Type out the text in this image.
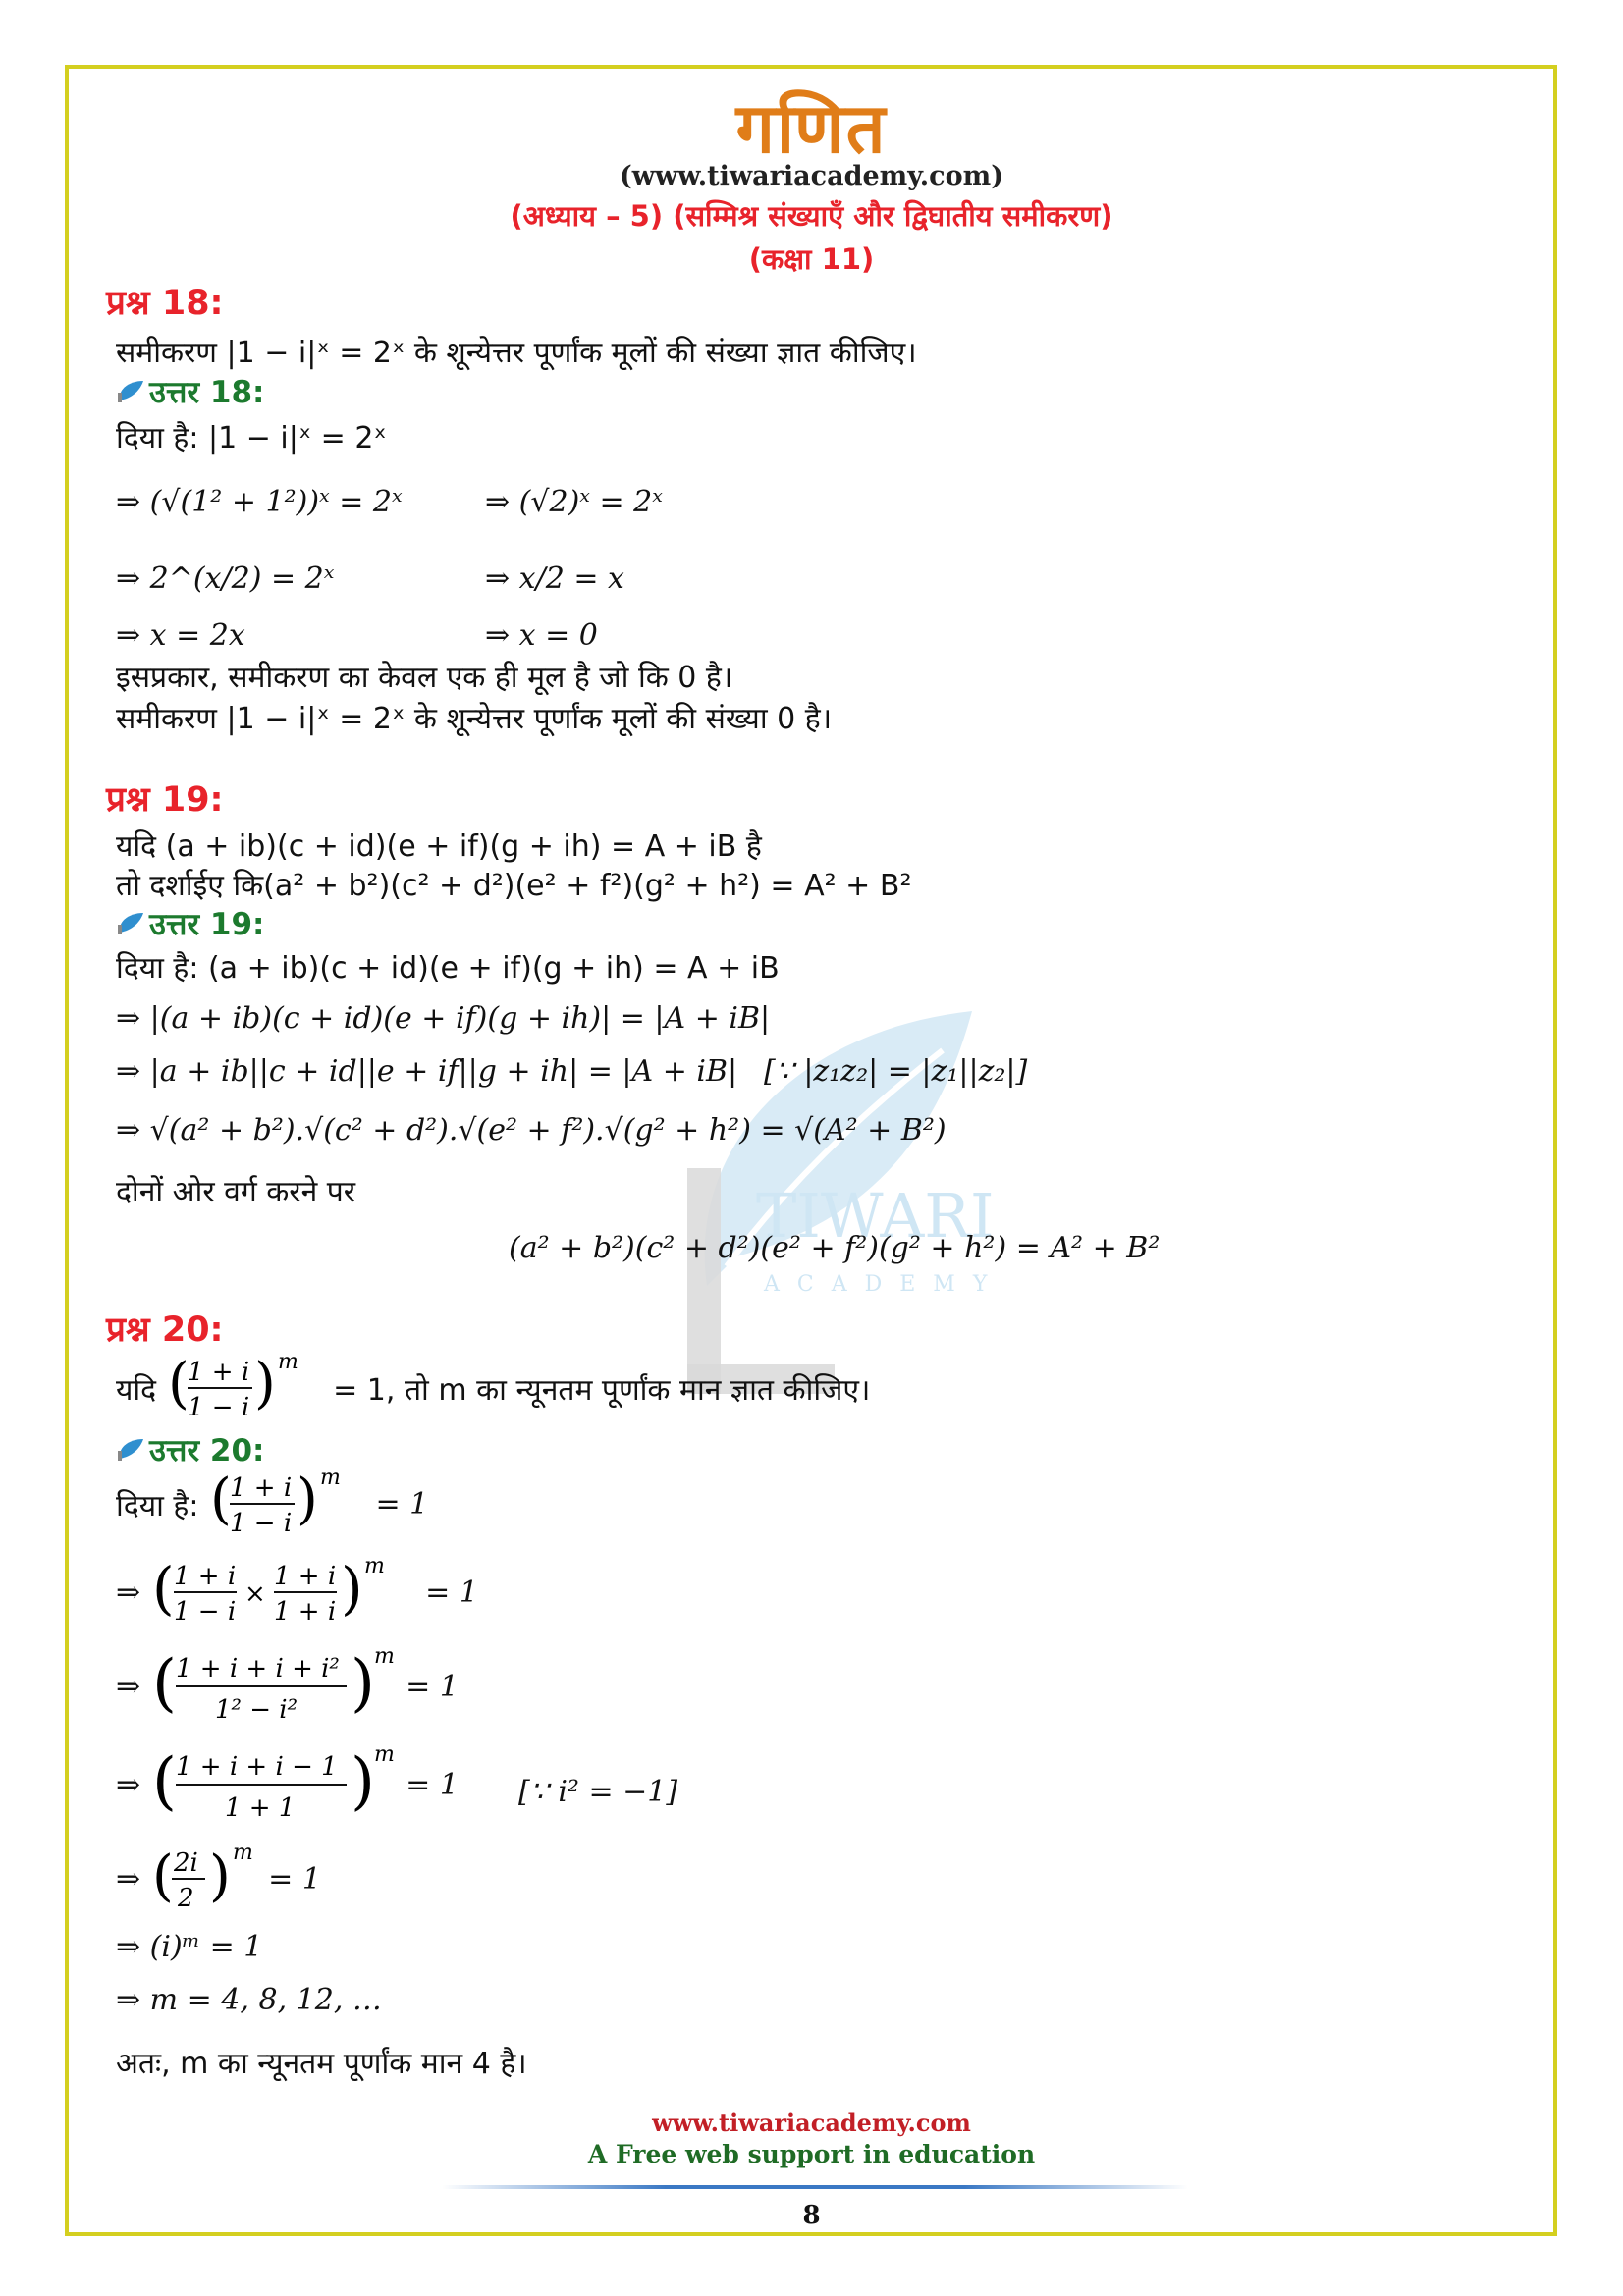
TIWARI
ACADEMY
गणित
(www.tiwariacademy.com)
(अध्याय – 5) (सम्मिश्र संख्याएँ और द्विघातीय समीकरण)
(कक्षा 11)
प्रश्न 18:
समीकरण |1 − i|ˣ = 2ˣ के शून्येत्तर पूर्णांक मूलों की संख्या ज्ञात कीजिए।
उत्तर 18:
दिया है: |1 − i|ˣ = 2ˣ
⇒ (√(1² + 1²))ˣ = 2ˣ	⇒ (√2)ˣ = 2ˣ
⇒ 2^(x/2) = 2ˣ	⇒ x/2 = x
⇒ x = 2x	⇒ x = 0
इसप्रकार, समीकरण का केवल एक ही मूल है जो कि 0 है।
समीकरण |1 − i|ˣ = 2ˣ के शून्येत्तर पूर्णांक मूलों की संख्या 0 है।
प्रश्न 19:
यदि (a + ib)(c + id)(e + if)(g + ih) = A + iB है
तो दर्शाईए कि(a² + b²)(c² + d²)(e² + f²)(g² + h²) = A² + B²
उत्तर 19:
दिया है: (a + ib)(c + id)(e + if)(g + ih) = A + iB
⇒ |(a + ib)(c + id)(e + if)(g + ih)| = |A + iB|
⇒ |a + ib||c + id||e + if||g + ih| = |A + iB| [∵ |z₁z₂| = |z₁||z₂|]
⇒ √(a² + b²).√(c² + d²).√(e² + f²).√(g² + h²) = √(A² + B²)
दोनों ओर वर्ग करने पर
(a² + b²)(c² + d²)(e² + f²)(g² + h²) = A² + B²
प्रश्न 20:
यदि (
1 + i
1 − i ) m
= 1, तो m का न्यूनतम पूर्णांक मान ज्ञात कीजिए।
उत्तर 20:
दिया है: (
1 + i
1 − i ) m
= 1
⇒ ( 1 + i
1 − i
×
1 + i
1 + i ) m
= 1
⇒ ( 1 + i + i + i²
1² − i² ) m
= 1
⇒ ( 1 + i + i − 1
1 + 1 ) m
= 1 [∵ i² = −1]
⇒ ( 2i
2 ) m
= 1
⇒ (i)ᵐ = 1
⇒ m = 4, 8, 12, …
अतः, m का न्यूनतम पूर्णांक मान 4 है।
www.tiwariacademy.com
A Free web support in education
8
